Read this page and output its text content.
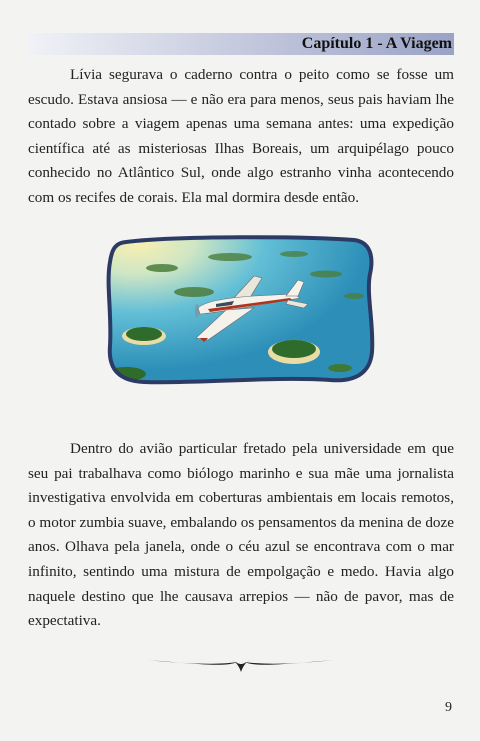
Capítulo 1 - A Viagem

Lívia segurava o caderno contra o peito como se fosse um escudo. Estava ansiosa — e não era para menos, seus pais haviam lhe contado sobre a viagem apenas uma semana antes: uma expedição científica até as misteriosas Ilhas Boreais, um arquipélago pouco conhecido no Atlântico Sul, onde algo estranho vinha acontecendo com os recifes de corais. Ela mal dormira desde então.

Dentro do avião particular fretado pela universidade em que seu pai trabalhava como biólogo marinho e sua mãe uma jornalista investigativa envolvida em coberturas ambientais em locais remotos, o motor zumbia suave, embalando os pensamentos da menina de doze anos. Olhava pela janela, onde o céu azul se encontrava com o mar infinito, sentindo uma mistura de empolgação e medo. Havia algo naquele destino que lhe causava arrepios — não de pavor, mas de expectativa.

9
